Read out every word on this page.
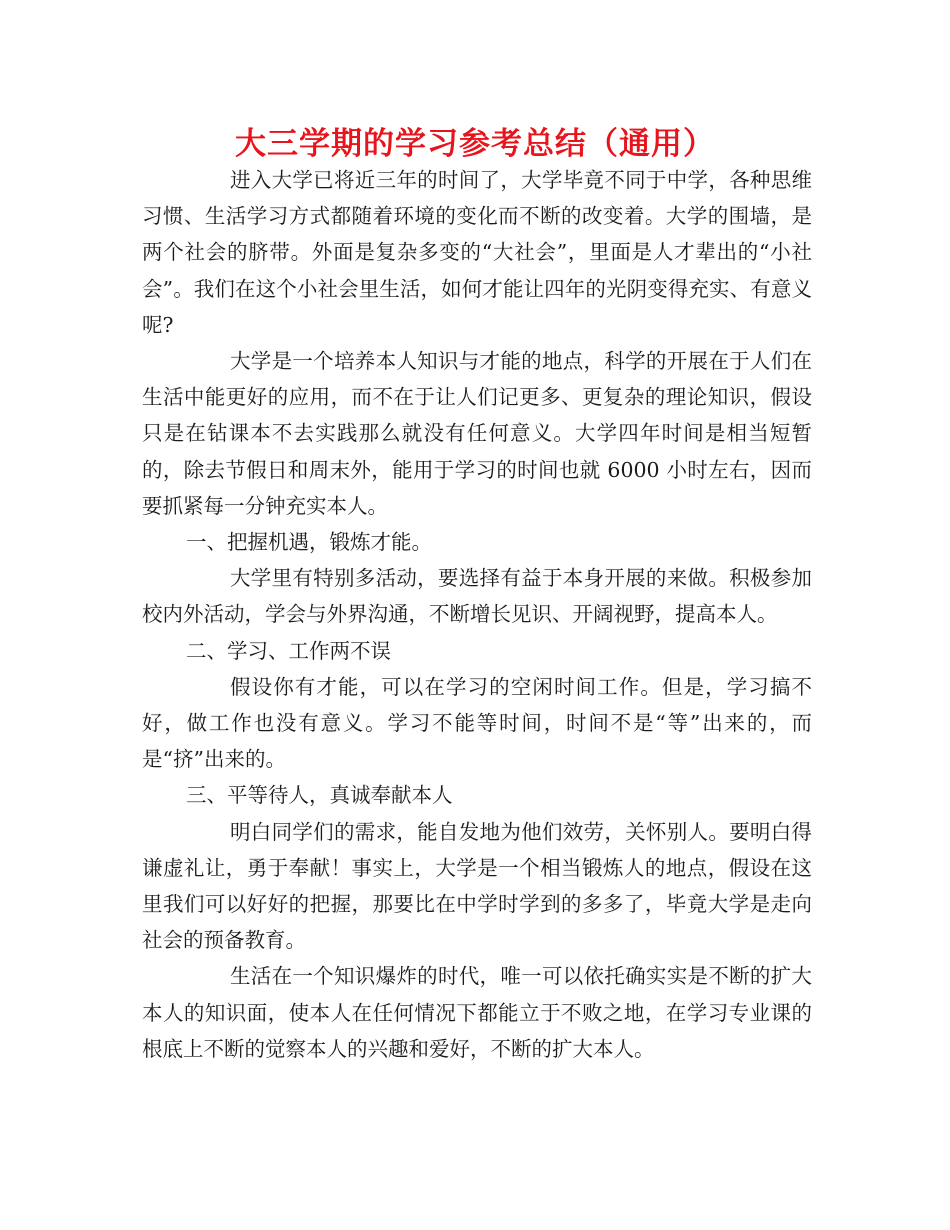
大三学期的学习参考总结（通用）

进入大学已将近三年的时间了，大学毕竟不同于中学，各种思维习惯、生活学习方式都随着环境的变化而不断的改变着。大学的围墙，是两个社会的脐带。外面是复杂多变的“大社会”，里面是人才辈出的“小社会”。我们在这个小社会里生活，如何才能让四年的光阴变得充实、有意义呢?

大学是一个培养本人知识与才能的地点，科学的开展在于人们在生活中能更好的应用，而不在于让人们记更多、更复杂的理论知识，假设只是在钻课本不去实践那么就没有任何意义。大学四年时间是相当短暂的，除去节假日和周末外，能用于学习的时间也就 6000 小时左右，因而要抓紧每一分钟充实本人。

一、把握机遇，锻炼才能。

大学里有特别多活动，要选择有益于本身开展的来做。积极参加校内外活动，学会与外界沟通，不断增长见识、开阔视野，提高本人。

二、学习、工作两不误

假设你有才能，可以在学习的空闲时间工作。但是，学习搞不好，做工作也没有意义。学习不能等时间，时间不是“等”出来的，而是“挤”出来的。

三、平等待人，真诚奉献本人

明白同学们的需求，能自发地为他们效劳，关怀别人。要明白得谦虚礼让，勇于奉献！事实上，大学是一个相当锻炼人的地点，假设在这里我们可以好好的把握，那要比在中学时学到的多多了，毕竟大学是走向社会的预备教育。

生活在一个知识爆炸的时代，唯一可以依托确实实是不断的扩大本人的知识面，使本人在任何情况下都能立于不败之地，在学习专业课的根底上不断的觉察本人的兴趣和爱好，不断的扩大本人。
